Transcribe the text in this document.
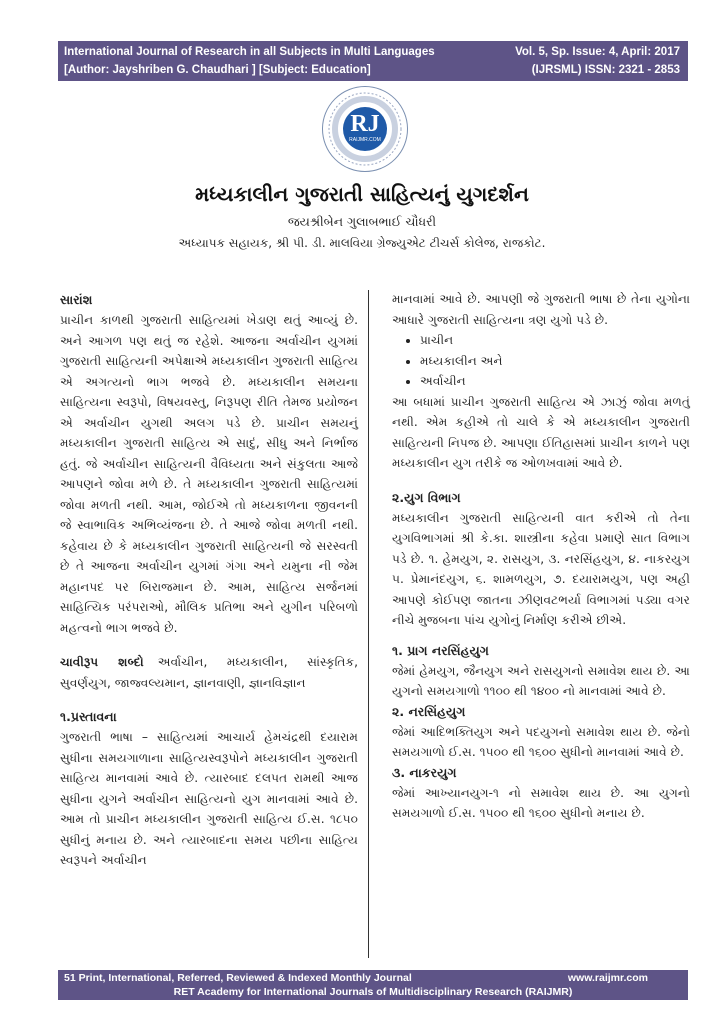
International Journal of Research in all Subjects in Multi Languages
[Author: Jayshriben G. Chaudhari ] [Subject: Education]
Vol. 5, Sp. Issue: 4, April: 2017
(IJRSML) ISSN: 2321 - 2853
RJ
RAIJMR.COM
મધ્યકાલીન ગુજરાતી સાહિત્યનું યુગદર્શન
જયશ્રીબેન ગુલાબભાઈ ચૌધરી
અધ્યાપક સહાયક, શ્રી પી. ડી. માલવિયા ગ્રેજ્યુએટ ટીચર્સ કોલેજ, રાજકોટ.
સારાંશ

પ્રાચીન કાળથી ગુજરાતી સાહિત્યમાં ખેડાણ થતું આવ્યું છે. અને આગળ પણ થતું જ રહેશે. આજના અર્વાચીન યુગમાં ગુજરાતી સાહિત્યની અપેક્ષાએ મધ્યકાલીન ગુજરાતી સાહિત્ય એ અગત્યનો ભાગ ભજવે છે. મધ્યકાલીન સમયના સાહિત્યના સ્વરૂપો, વિષયવસ્તુ, નિરૂપણ રીતિ તેમજ પ્રયોજન એ અર્વાચીન યુગથી અલગ પડે છે. પ્રાચીન સમયનું મધ્યકાલીન ગુજરાતી સાહિત્ય એ સાદું, સીધુ અને નિર્ભાજ હતું. જે અર્વાચીન સાહિત્યની વૈવિધ્યતા અને સંકુલતા આજે આપણને જોવા મળે છે. તે મધ્યકાલીન ગુજરાતી સાહિત્યમાં જોવા મળતી નથી. આમ, જોઈએ તો મધ્યકાળના જીવનની જે સ્વાભાવિક અભિવ્યંજના છે. તે આજે જોવા મળતી નથી. કહેવાય છે કે મધ્યકાલીન ગુજરાતી સાહિત્યની જે સરસ્વતી છે તે આજના અર્વાચીન યુગમાં ગંગા અને યમુના ની જેમ મહાનપદ પર બિરાજમાન છે. આમ, સાહિત્ય સર્જનમાં સાહિત્યિક પરંપરાઓ, મૌલિક પ્રતિભા અને યુગીન પરિબળો મહત્વનો ભાગ ભજવે છે.

ચાવીરૂપ શબ્દો અર્વાચીન, મધ્યકાલીન, સાંસ્કૃતિક, સુવર્ણયુગ, જાજ્વલ્યમાન, જ્ઞાનવાણી, જ્ઞાનવિજ્ઞાન

૧.પ્રસ્તાવના

ગુજરાતી ભાષા – સાહિત્યમાં આચાર્ય હેમચંદ્રથી દયારામ સુધીના સમયગાળાના સાહિત્યસ્વરૂપોને મધ્યકાલીન ગુજરાતી સાહિત્ય માનવામાં આવે છે. ત્યારબાદ દલપત રામથી આજ સુધીના યુગને અર્વાચીન સાહિત્યનો યુગ માનવામાં આવે છે. આમ તો પ્રાચીન મધ્યકાલીન ગુજરાતી સાહિત્ય ઈ.સ. ૧૮૫૦ સુધીનું મનાય છે. અને ત્યારબાદના સમય પછીના સાહિત્ય સ્વરૂપને અર્વાચીન

માનવામાં આવે છે. આપણી જે ગુજરાતી ભાષા છે તેના યુગોના આધારે ગુજરાતી સાહિત્યના ત્રણ યુગો પડે છે.

• પ્રાચીન
• મધ્યકાલીન અને
• અર્વાચીન

આ બધામાં પ્રાચીન ગુજરાતી સાહિત્ય એ ઝાઝું જોવા મળતું નથી. એમ કહીએ તો ચાલે કે એ મધ્યકાલીન ગુજરાતી સાહિત્યની નિપજ છે. આપણા ઈતિહાસમાં પ્રાચીન કાળને પણ મધ્યકાલીન યુગ તરીકે જ ઓળખવામાં આવે છે.

૨.યુગ વિભાગ

મધ્યકાલીન ગુજરાતી સાહિત્યની વાત કરીએ તો તેના યુગવિભાગમાં શ્રી કે.કા. શાસ્ત્રીના કહેવા પ્રમાણે સાત વિભાગ પડે છે. ૧. હેમયુગ, ૨. રાસયુગ, ૩. નરસિંહયુગ, ૪. નાકરયુગ ૫. પ્રેમાનંદયુગ, ૬. શામળયુગ, ૭. દયારામયુગ, પણ અહી આપણે કોઈપણ જાતના ઝીણવટભર્યા વિભાગમાં પડ્યા વગર નીચે મુજબના પાંચ યુગોનું નિર્માણ કરીએ છીએ.

૧. પ્રાગ નરસિંહયુગ

જેમાં હેમયુગ, જૈનયુગ અને રાસયુગનો સમાવેશ થાય છે. આ યુગનો સમયગાળો ૧૧૦૦ થી ૧૪૦૦ નો માનવામાં આવે છે.

૨. નરસિંહયુગ

જેમાં આદિભક્તિયુગ અને પદયુગનો સમાવેશ થાય છે. જેનો સમયગાળો ઈ.સ. ૧૫૦૦ થી ૧૬૦૦ સુધીનો માનવામાં આવે છે.

૩. નાકરયુગ

જેમાં આખ્યાનયુગ-૧ નો સમાવેશ થાય છે. આ યુગનો સમયગાળો ઈ.સ. ૧૫૦૦ થી ૧૬૦૦ સુધીનો મનાય છે.

51 Print, International, Referred, Reviewed & Indexed Monthly Journal	www.raijmr.com
RET Academy for International Journals of Multidisciplinary Research (RAIJMR)
